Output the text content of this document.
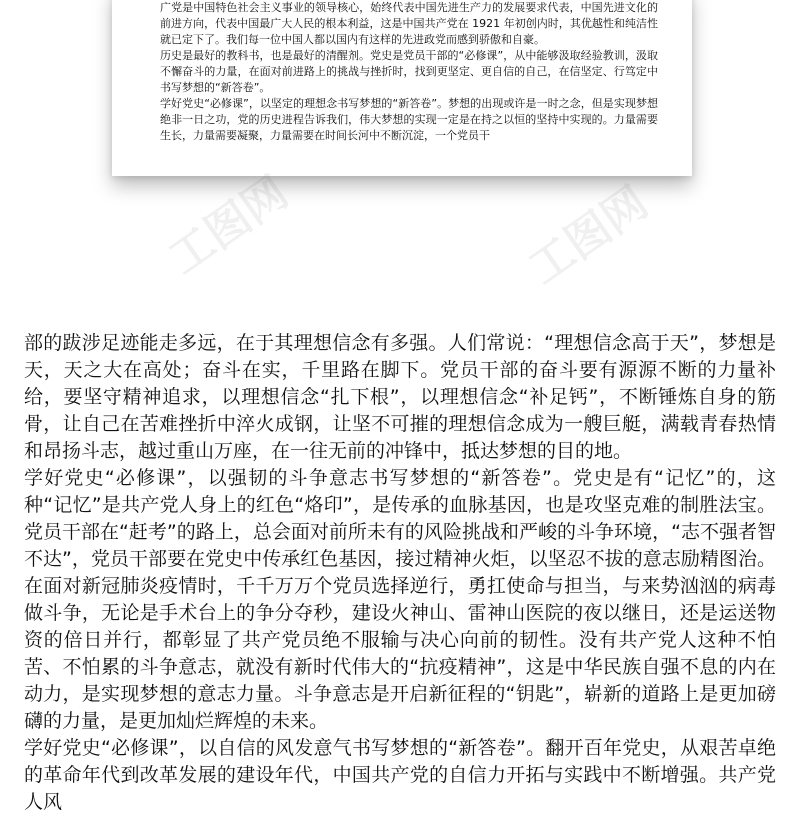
广党是中国特色社会主义事业的领导核心，始终代表中国先进生产力的发展要求代表，中国先进文化的前进方向，代表中国最广大人民的根本利益，这是中国共产党在 1921 年初创内时，其优越性和纯洁性就已定下了。我们每一位中国人都以国内有这样的先进政党而感到骄傲和自豪。

历史是最好的教科书，也是最好的清醒剂。党史是党员干部的“必修课”，从中能够汲取经验教训，汲取不懈奋斗的力量，在面对前进路上的挑战与挫折时，找到更坚定、更自信的自己，在信坚定、行笃定中书写梦想的“新答卷”。

学好党史“必修课”，以坚定的理想念书写梦想的“新答卷”。梦想的出现或许是一时之念，但是实现梦想绝非一日之功，党的历史进程告诉我们，伟大梦想的实现一定是在持之以恒的坚持中实现的。力量需要生长，力量需要凝聚，力量需要在时间长河中不断沉淀，一个党员干

工图网	工图网

部的跋涉足迹能走多远，在于其理想信念有多强。人们常说：“理想信念高于天”，梦想是天，天之大在高处；奋斗在实，千里路在脚下。党员干部的奋斗要有源源不断的力量补给，要坚守精神追求，以理想信念“扎下根”，以理想信念“补足钙”，不断锤炼自身的筋骨，让自己在苦难挫折中淬火成钢，让坚不可摧的理想信念成为一艘巨艇，满载青春热情和昂扬斗志，越过重山万座，在一往无前的冲锋中，抵达梦想的目的地。

学好党史“必修课”，以强韧的斗争意志书写梦想的“新答卷”。党史是有“记忆”的，这种“记忆”是共产党人身上的红色“烙印”，是传承的血脉基因，也是攻坚克难的制胜法宝。党员干部在“赶考”的路上，总会面对前所未有的风险挑战和严峻的斗争环境，“志不强者智不达”，党员干部要在党史中传承红色基因，接过精神火炬，以坚忍不拔的意志励精图治。在面对新冠肺炎疫情时，千千万万个党员选择逆行，勇扛使命与担当，与来势汹汹的病毒做斗争，无论是手术台上的争分夺秒，建设火神山、雷神山医院的夜以继日，还是运送物资的倍日并行，都彰显了共产党员绝不服输与决心向前的韧性。没有共产党人这种不怕苦、不怕累的斗争意志，就没有新时代伟大的“抗疫精神”，这是中华民族自强不息的内在动力，是实现梦想的意志力量。斗争意志是开启新征程的“钥匙”，崭新的道路上是更加磅礴的力量，是更加灿烂辉煌的未来。

学好党史“必修课”，以自信的风发意气书写梦想的“新答卷”。翻开百年党史，从艰苦卓绝的革命年代到改革发展的建设年代，中国共产党的自信力开拓与实践中不断增强。共产党人风
